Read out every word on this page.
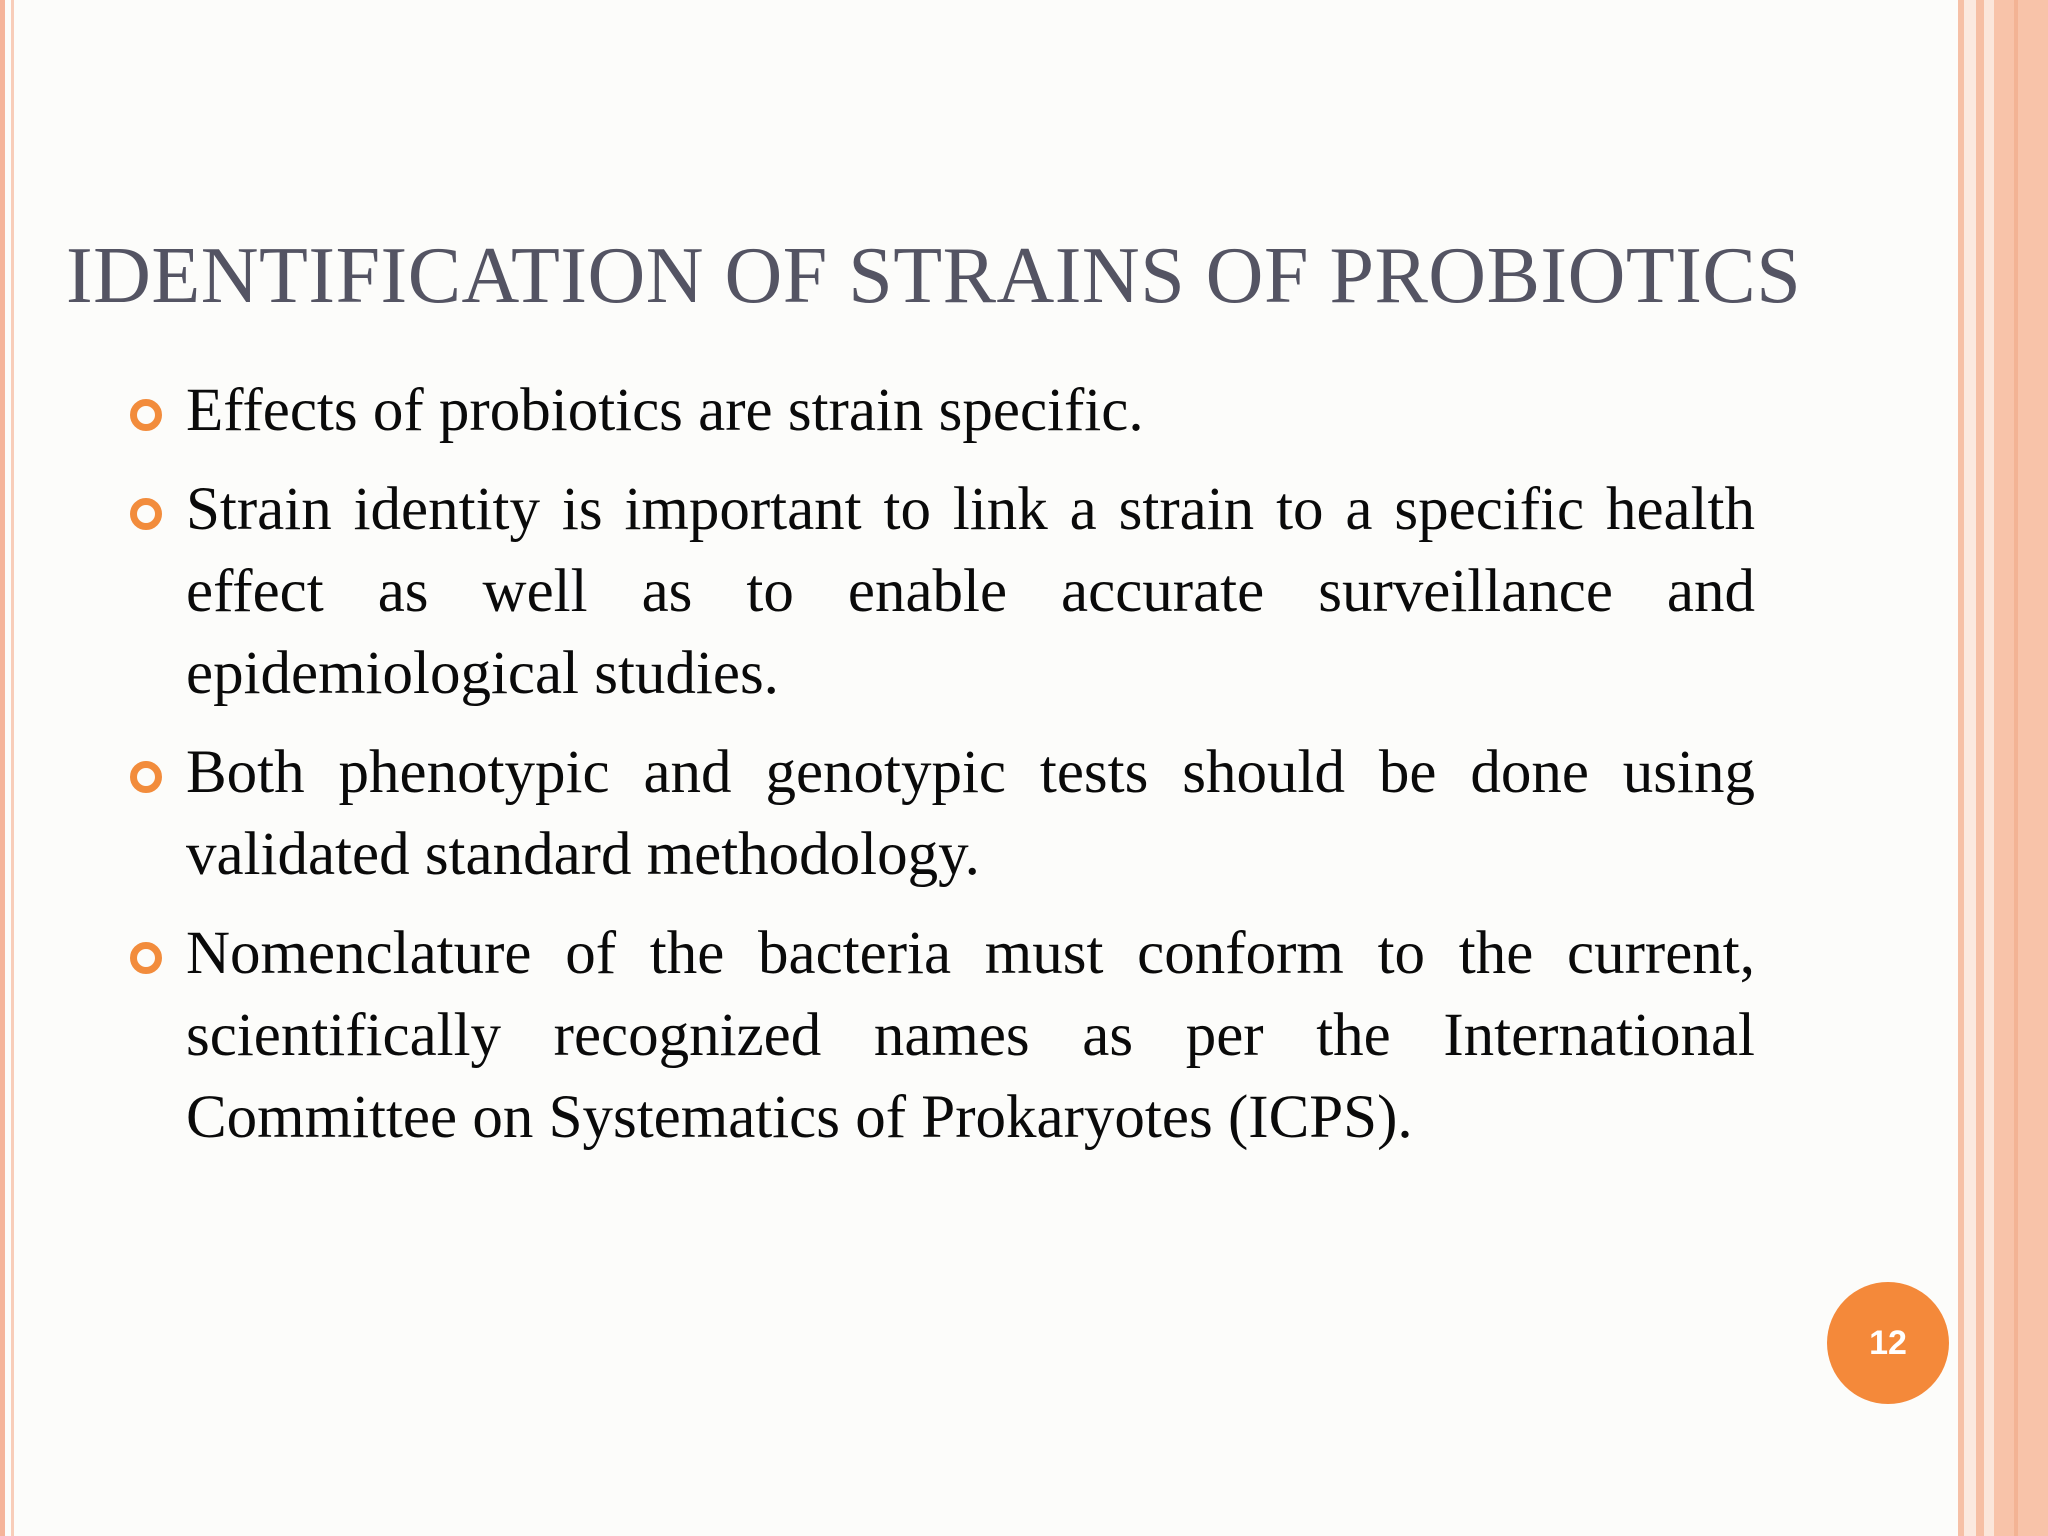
IDENTIFICATION OF STRAINS OF PROBIOTICS
Effects of probiotics are strain specific.
Strain identity is important to link a strain to a specific health effect as well as to enable accurate surveillance and epidemiological studies.
Both phenotypic and genotypic tests should be done using validated standard methodology.
Nomenclature of the bacteria must conform to the current, scientifically recognized names as per the International Committee on Systematics of Prokaryotes (ICPS).
12
